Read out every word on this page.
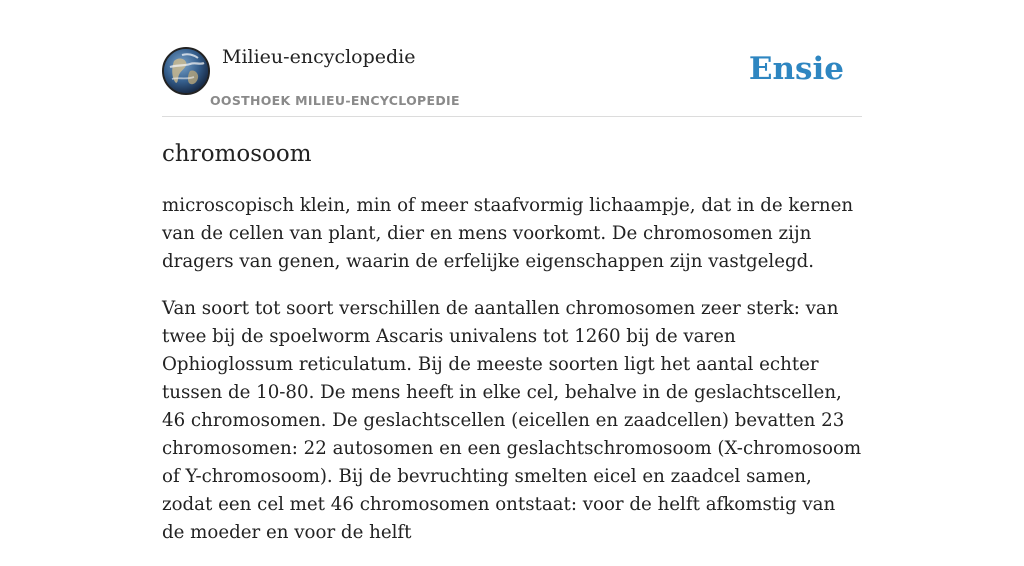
Milieu-encyclopedie
OOSTHOEK MILIEU-ENCYCLOPEDIE
Ensie
chromosoom

microscopisch klein, min of meer staafvormig lichaampje, dat in de kernen van de cellen van plant, dier en mens voorkomt. De chromosomen zijn dragers van genen, waarin de erfelijke eigenschappen zijn vastgelegd.

Van soort tot soort verschillen de aantallen chromosomen zeer sterk: van twee bij de spoelworm Ascaris univalens tot 1260 bij de varen Ophioglossum reticulatum. Bij de meeste soorten ligt het aantal echter tussen de 10-80. De mens heeft in elke cel, behalve in de geslachtscellen, 46 chromosomen. De geslachtscellen (eicellen en zaadcellen) bevatten 23 chromosomen: 22 autosomen en een geslachtschromosoom (X-chromosoom of Y-chromosoom). Bij de bevruchting smelten eicel en zaadcel samen, zodat een cel met 46 chromosomen ontstaat: voor de helft afkomstig van de moeder en voor de helft
